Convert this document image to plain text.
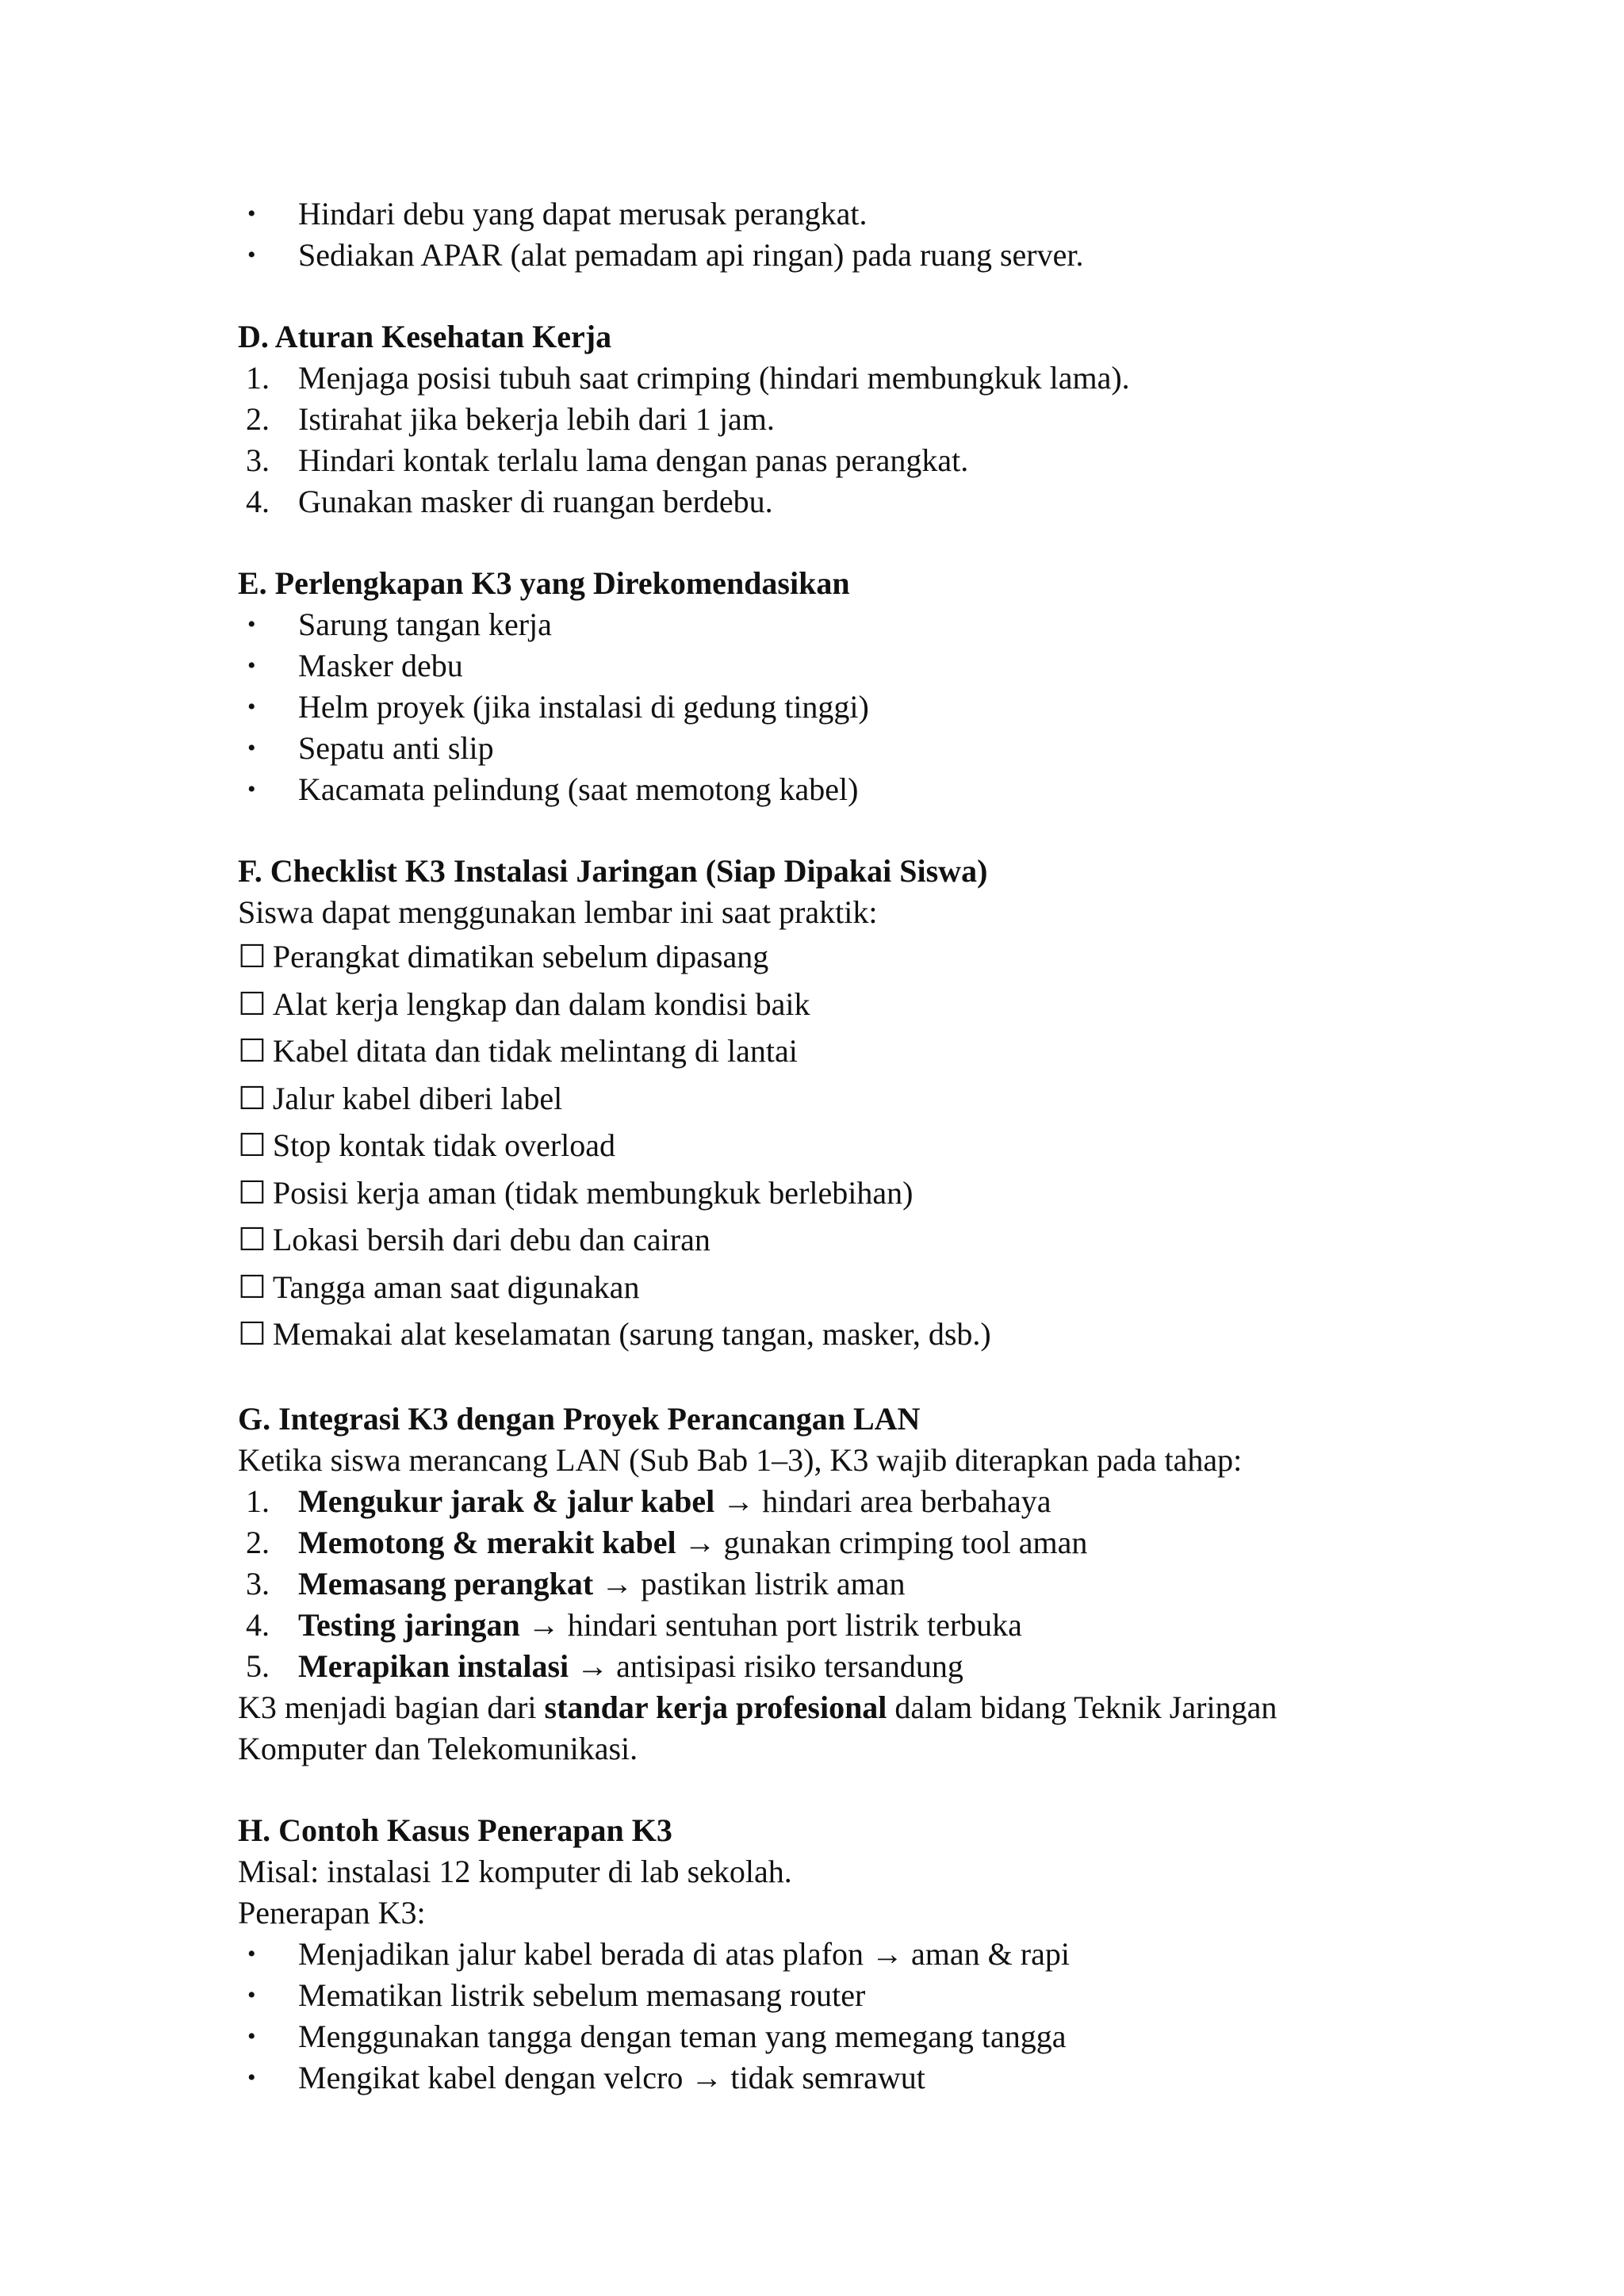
•	Hindari debu yang dapat merusak perangkat.
•	Sediakan APAR (alat pemadam api ringan) pada ruang server.
D. Aturan Kesehatan Kerja
1. Menjaga posisi tubuh saat crimping (hindari membungkuk lama).
2. Istirahat jika bekerja lebih dari 1 jam.
3. Hindari kontak terlalu lama dengan panas perangkat.
4. Gunakan masker di ruangan berdebu.
E. Perlengkapan K3 yang Direkomendasikan
•	Sarung tangan kerja
•	Masker debu
•	Helm proyek (jika instalasi di gedung tinggi)
•	Sepatu anti slip
•	Kacamata pelindung (saat memotong kabel)
F. Checklist K3 Instalasi Jaringan (Siap Dipakai Siswa)
Siswa dapat menggunakan lembar ini saat praktik:
☐ Perangkat dimatikan sebelum dipasang
☐ Alat kerja lengkap dan dalam kondisi baik
☐ Kabel ditata dan tidak melintang di lantai
☐ Jalur kabel diberi label
☐ Stop kontak tidak overload
☐ Posisi kerja aman (tidak membungkuk berlebihan)
☐ Lokasi bersih dari debu dan cairan
☐ Tangga aman saat digunakan
☐ Memakai alat keselamatan (sarung tangan, masker, dsb.)
G. Integrasi K3 dengan Proyek Perancangan LAN
Ketika siswa merancang LAN (Sub Bab 1–3), K3 wajib diterapkan pada tahap:
1. Mengukur jarak & jalur kabel → hindari area berbahaya
2. Memotong & merakit kabel → gunakan crimping tool aman
3. Memasang perangkat → pastikan listrik aman
4. Testing jaringan → hindari sentuhan port listrik terbuka
5. Merapikan instalasi → antisipasi risiko tersandung
K3 menjadi bagian dari standar kerja profesional dalam bidang Teknik Jaringan
Komputer dan Telekomunikasi.
H. Contoh Kasus Penerapan K3
Misal: instalasi 12 komputer di lab sekolah.
Penerapan K3:
•	Menjadikan jalur kabel berada di atas plafon → aman & rapi
•	Mematikan listrik sebelum memasang router
•	Menggunakan tangga dengan teman yang memegang tangga
•	Mengikat kabel dengan velcro → tidak semrawut
